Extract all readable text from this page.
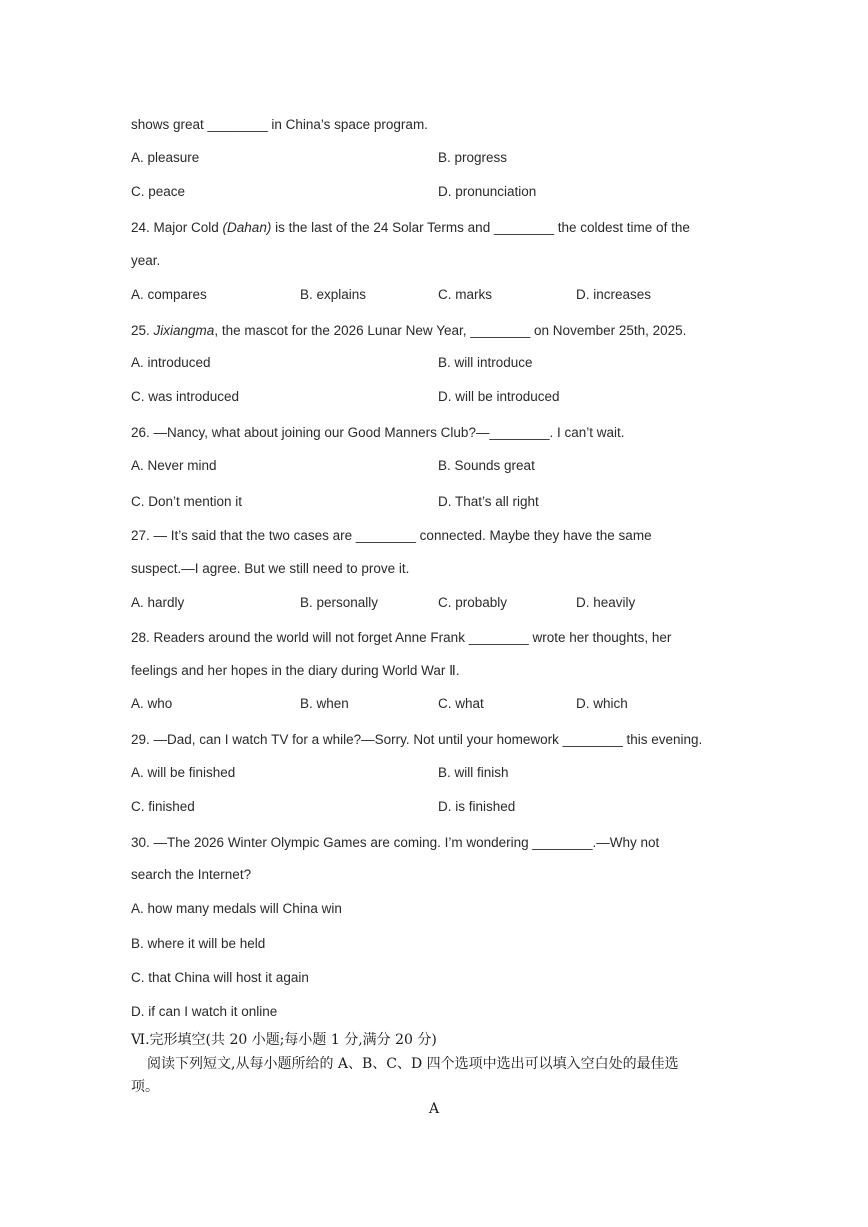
shows great ________ in China’s space program.
A. pleasure	B. progress
C. peace	D. pronunciation
24. Major Cold (Dahan) is the last of the 24 Solar Terms and ________ the coldest time of the
year.
A. compares	B. explains	C. marks	D. increases
25. Jixiangma, the mascot for the 2026 Lunar New Year, ________ on November 25th, 2025.
A. introduced	B. will introduce
C. was introduced	D. will be introduced
26. —Nancy, what about joining our Good Manners Club?—________. I can’t wait.
A. Never mind	B. Sounds great
C. Don’t mention it	D. That’s all right
27. — It’s said that the two cases are ________ connected. Maybe they have the same
suspect.—I agree. But we still need to prove it.
A. hardly	B. personally	C. probably	D. heavily
28. Readers around the world will not forget Anne Frank ________ wrote her thoughts, her
feelings and her hopes in the diary during World War Ⅱ.
A. who	B. when	C. what	D. which
29. —Dad, can I watch TV for a while?—Sorry. Not until your homework ________ this evening.
A. will be finished	B. will finish
C. finished	D. is finished
30. —The 2026 Winter Olympic Games are coming. I’m wondering ________.—Why not
search the Internet?
A. how many medals will China win
B. where it will be held
C. that China will host it again
D. if can I watch it online
Ⅵ.完形填空(共 20 小题;每小题 1 分,满分 20 分)
阅读下列短文,从每小题所给的 A、B、C、D 四个选项中选出可以填入空白处的最佳选
项。
A
